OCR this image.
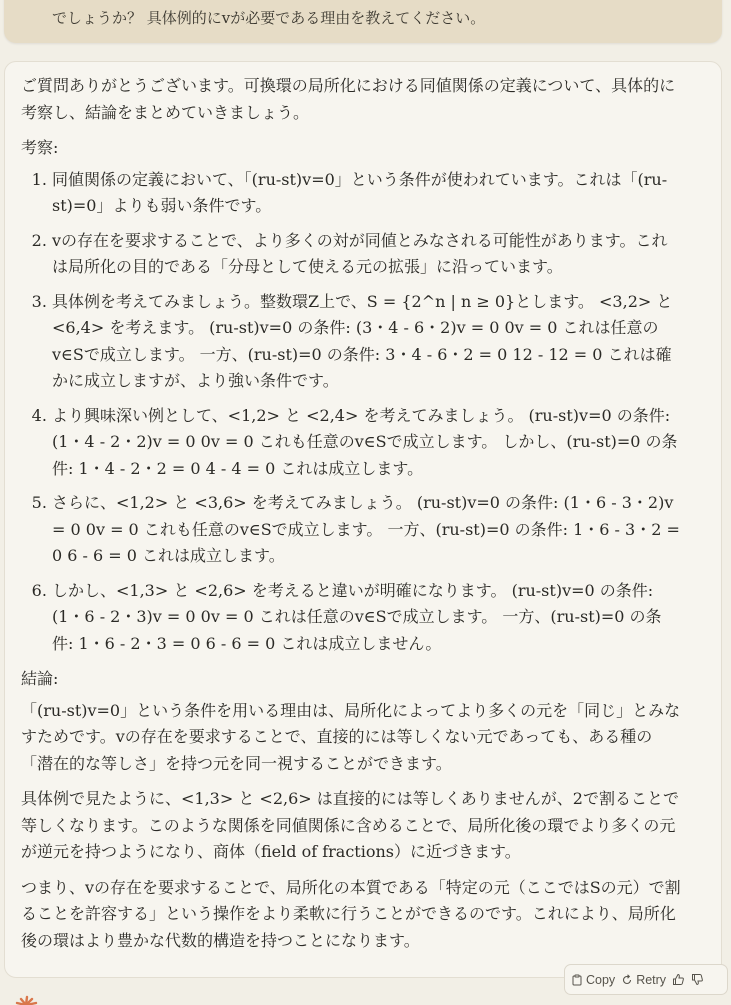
でしょうか？ 具体例的にvが必要である理由を教えてください。

ご質問ありがとうございます。可換環の局所化における同値関係の定義について、具体的に考察し、結論をまとめていきましょう。

考察:

1. 同値関係の定義において、「(ru-st)v=0」という条件が使われています。これは「(ru-st)=0」よりも弱い条件です。
2. vの存在を要求することで、より多くの対が同値とみなされる可能性があります。これは局所化の目的である「分母として使える元の拡張」に沿っています。
3. 具体例を考えてみましょう。整数環Z上で、S = {2^n | n ≥ 0}とします。 <3,2> と <6,4> を考えます。 (ru-st)v=0 の条件: (3・4 - 6・2)v = 0 0v = 0 これは任意のv∈Sで成立します。 一方、(ru-st)=0 の条件: 3・4 - 6・2 = 0 12 - 12 = 0 これは確かに成立しますが、より強い条件です。
4. より興味深い例として、<1,2> と <2,4> を考えてみましょう。 (ru-st)v=0 の条件: (1・4 - 2・2)v = 0 0v = 0 これも任意のv∈Sで成立します。 しかし、(ru-st)=0 の条件: 1・4 - 2・2 = 0 4 - 4 = 0 これは成立します。
5. さらに、<1,2> と <3,6> を考えてみましょう。 (ru-st)v=0 の条件: (1・6 - 3・2)v = 0 0v = 0 これも任意のv∈Sで成立します。 一方、(ru-st)=0 の条件: 1・6 - 3・2 = 0 6 - 6 = 0 これは成立します。
6. しかし、<1,3> と <2,6> を考えると違いが明確になります。 (ru-st)v=0 の条件: (1・6 - 2・3)v = 0 0v = 0 これは任意のv∈Sで成立します。 一方、(ru-st)=0 の条件: 1・6 - 2・3 = 0 6 - 6 = 0 これは成立しません。

結論:

「(ru-st)v=0」という条件を用いる理由は、局所化によってより多くの元を「同じ」とみなすためです。vの存在を要求することで、直接的には等しくない元であっても、ある種の「潜在的な等しさ」を持つ元を同一視することができます。

具体例で見たように、<1,3> と <2,6> は直接的には等しくありませんが、2で割ることで等しくなります。このような関係を同値関係に含めることで、局所化後の環でより多くの元が逆元を持つようになり、商体（field of fractions）に近づきます。

つまり、vの存在を要求することで、局所化の本質である「特定の元（ここではSの元）で割ることを許容する」という操作をより柔軟に行うことができるのです。これにより、局所化後の環はより豊かな代数的構造を持つことになります。

Copy Retry
